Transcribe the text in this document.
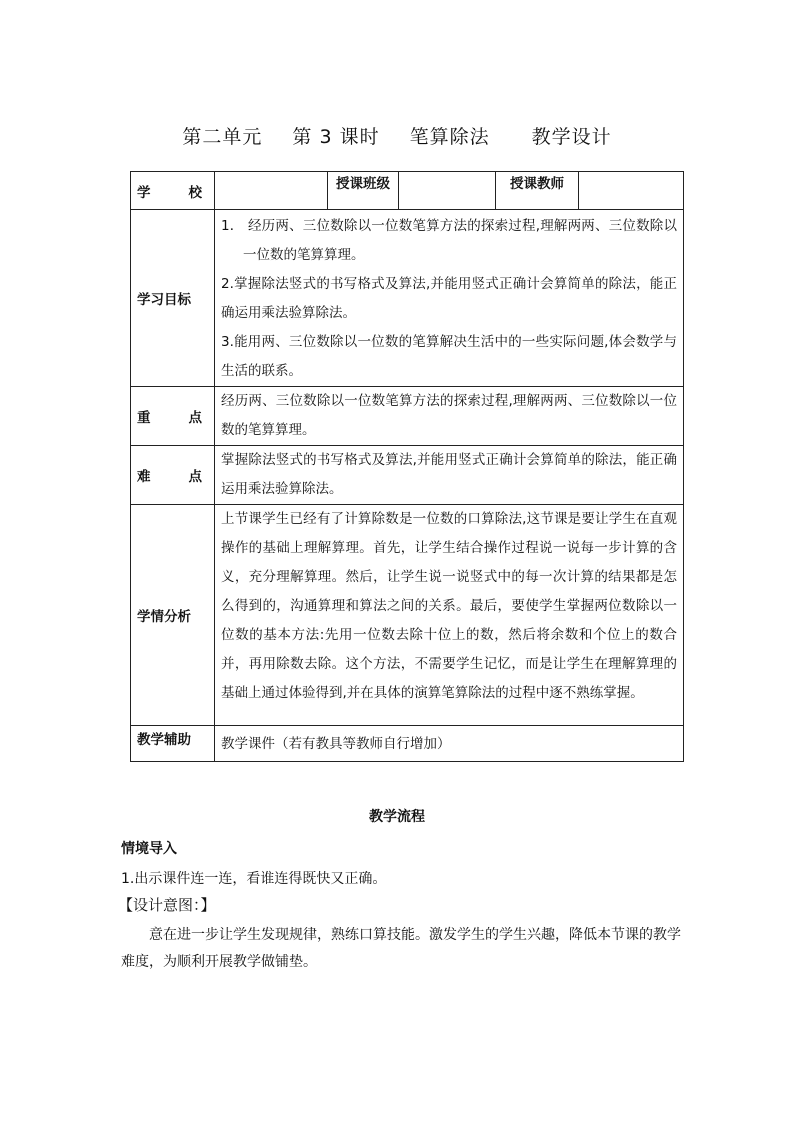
第二单元 第 3 课时 笔算除法 教学设计
学 校		授课班级		授课教师	
学习目标	1． 经历两、三位数除以一位数笔算方法的探索过程,理解两两、三位数除以一位数的笔算算理。
2.掌握除法竖式的书写格式及算法,并能用竖式正确计会算简单的除法，能正确运用乘法验算除法。
3.能用两、三位数除以一位数的笔算解决生活中的一些实际问题,体会数学与生活的联系。				

重 点	经历两、三位数除以一位数笔算方法的探索过程,理解两两、三位数除以一位数的笔算算理。				
难 点	掌握除法竖式的书写格式及算法,并能用竖式正确计会算简单的除法，能正确运用乘法验算除法。				
学情分析	上节课学生已经有了计算除数是一位数的口算除法,这节课是要让学生在直观操作的基础上理解算理。首先，让学生结合操作过程说一说每一步计算的含义，充分理解算理。然后，让学生说一说竖式中的每一次计算的结果都是怎么得到的，沟通算理和算法之间的关系。最后，要使学生掌握两位数除以一位数的基本方法:先用一位数去除十位上的数，然后将余数和个位上的数合并，再用除数去除。这个方法，不需要学生记忆，而是让学生在理解算理的基础上通过体验得到,并在具体的演算笔算除法的过程中逐不熟练掌握。				
教学辅助	教学课件（若有教具等教师自行增加）				
教学流程
情境导入
1.出示课件连一连，看谁连得既快又正确。
【设计意图：】
意在进一步让学生发现规律，熟练口算技能。激发学生的学生兴趣，降低本节课的教学难度，为顺利开展教学做铺垫。
